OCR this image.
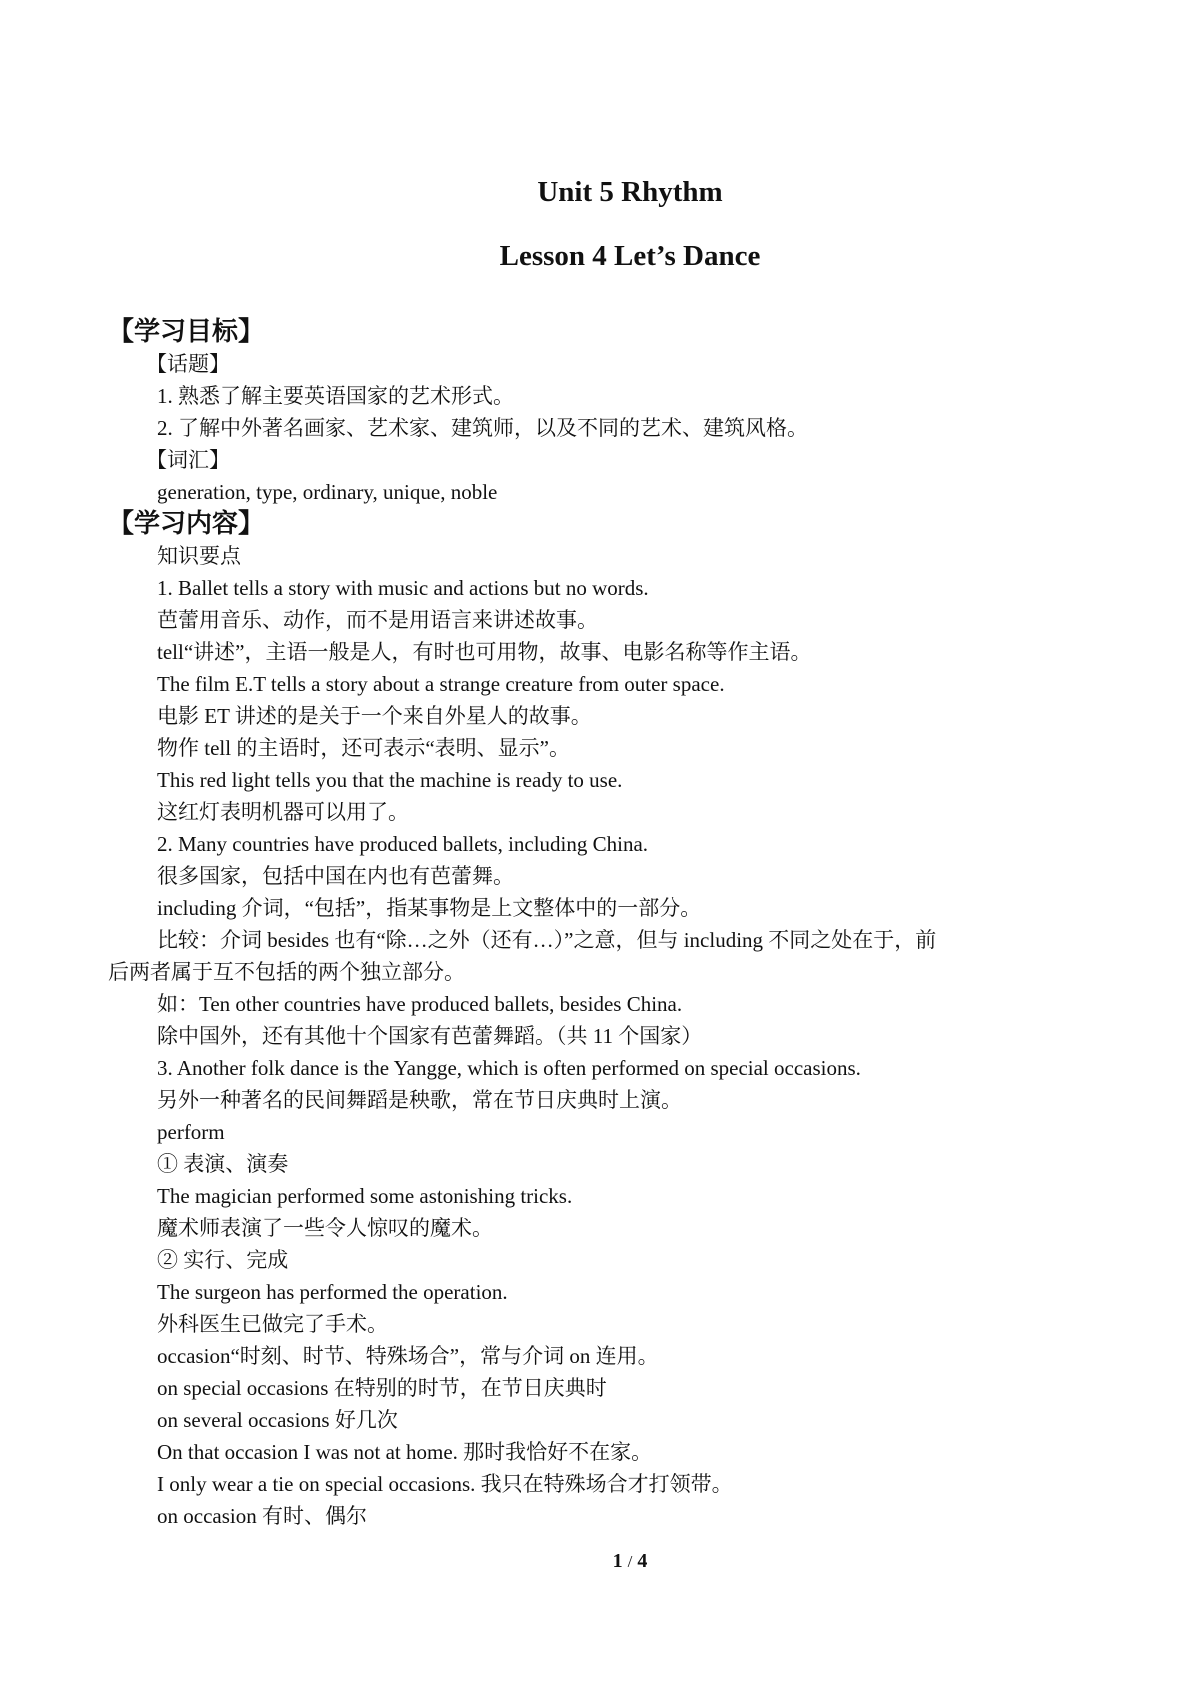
Unit 5 Rhythm
Lesson 4 Let’s Dance
【学习目标】
【话题】
1. 熟悉了解主要英语国家的艺术形式。
2. 了解中外著名画家、艺术家、建筑师，以及不同的艺术、建筑风格。
【词汇】
generation, type, ordinary, unique, noble
【学习内容】
知识要点
1. Ballet tells a story with music and actions but no words.
芭蕾用音乐、动作，而不是用语言来讲述故事。
tell“讲述”，主语一般是人，有时也可用物，故事、电影名称等作主语。
The film E.T tells a story about a strange creature from outer space.
电影 ET 讲述的是关于一个来自外星人的故事。
物作 tell 的主语时，还可表示“表明、显示”。
This red light tells you that the machine is ready to use.
这红灯表明机器可以用了。
2. Many countries have produced ballets, including China.
很多国家，包括中国在内也有芭蕾舞。
including 介词，“包括”，指某事物是上文整体中的一部分。
比较：介词 besides 也有“除…之外（还有…）”之意，但与 including 不同之处在于，前
后两者属于互不包括的两个独立部分。
如：Ten other countries have produced ballets, besides China.
除中国外，还有其他十个国家有芭蕾舞蹈。（共 11 个国家）
3. Another folk dance is the Yangge, which is often performed on special occasions.
另外一种著名的民间舞蹈是秧歌，常在节日庆典时上演。
perform
① 表演、演奏
The magician performed some astonishing tricks.
魔术师表演了一些令人惊叹的魔术。
② 实行、完成
The surgeon has performed the operation.
外科医生已做完了手术。
occasion“时刻、时节、特殊场合”，常与介词 on 连用。
on special occasions 在特别的时节，在节日庆典时
on several occasions 好几次
On that occasion I was not at home. 那时我恰好不在家。
I only wear a tie on special occasions. 我只在特殊场合才打领带。
on occasion 有时、偶尔
1 / 4
